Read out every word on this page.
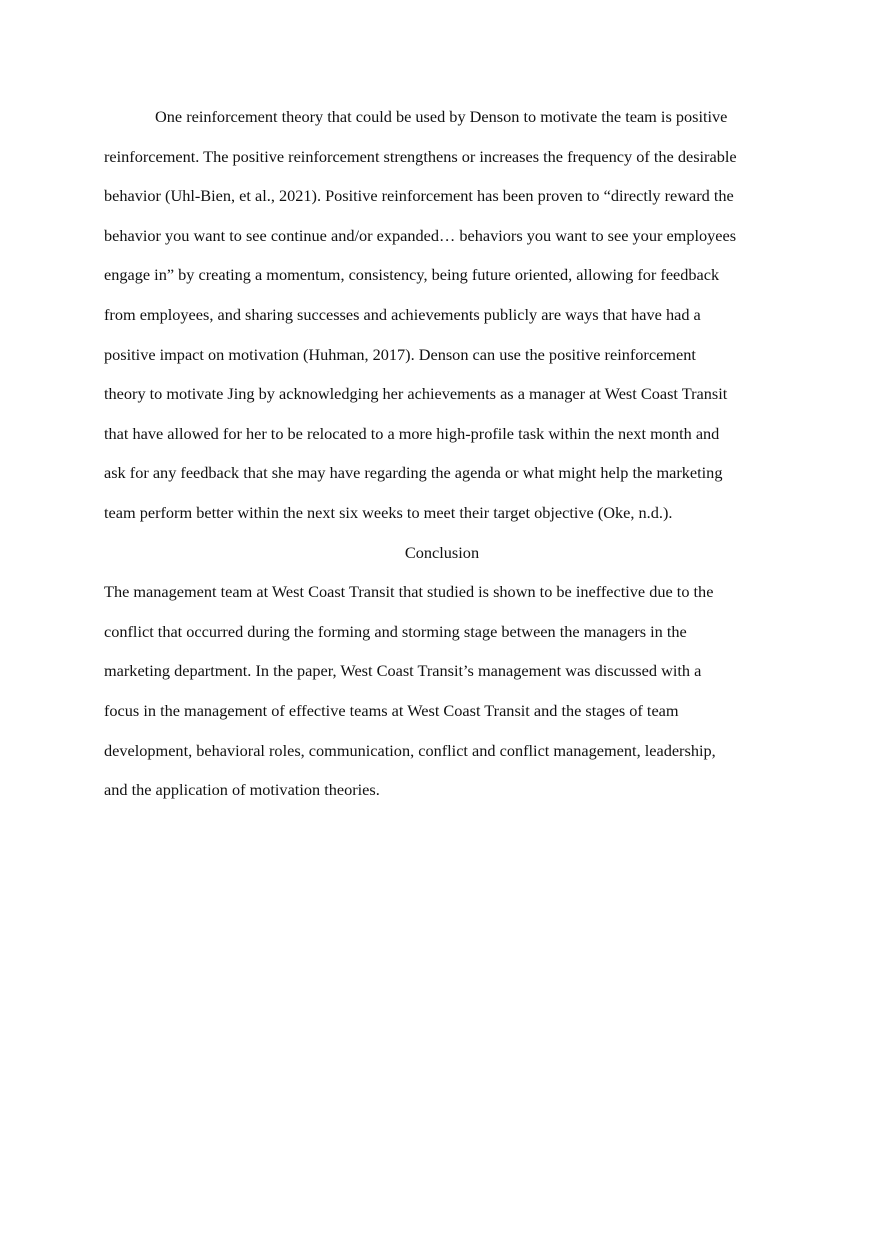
One reinforcement theory that could be used by Denson to motivate the team is positive
reinforcement. The positive reinforcement strengthens or increases the frequency of the desirable
behavior (Uhl-Bien, et al., 2021). Positive reinforcement has been proven to “directly reward the
behavior you want to see continue and/or expanded… behaviors you want to see your employees
engage in” by creating a momentum, consistency, being future oriented, allowing for feedback
from employees, and sharing successes and achievements publicly are ways that have had a
positive impact on motivation (Huhman, 2017). Denson can use the positive reinforcement
theory to motivate Jing by acknowledging her achievements as a manager at West Coast Transit
that have allowed for her to be relocated to a more high-profile task within the next month and
ask for any feedback that she may have regarding the agenda or what might help the marketing
team perform better within the next six weeks to meet their target objective (Oke, n.d.).
Conclusion
The management team at West Coast Transit that studied is shown to be ineffective due to the
conflict that occurred during the forming and storming stage between the managers in the
marketing department. In the paper, West Coast Transit’s management was discussed with a
focus in the management of effective teams at West Coast Transit and the stages of team
development, behavioral roles, communication, conflict and conflict management, leadership,
and the application of motivation theories.
